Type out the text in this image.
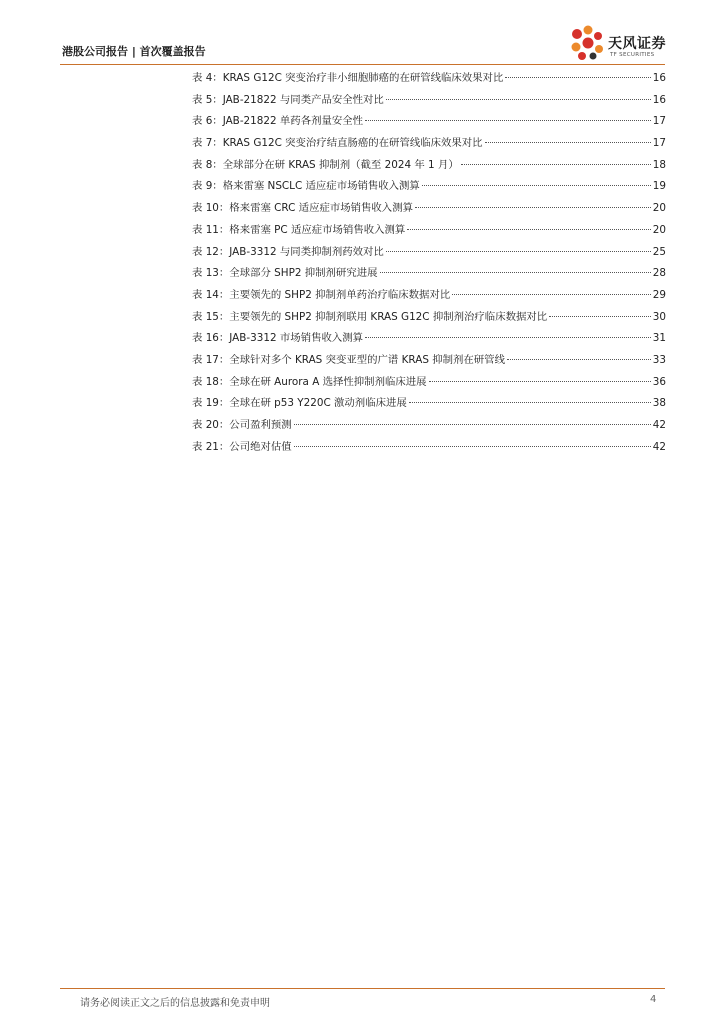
港股公司报告 | 首次覆盖报告	天风证券
TF SECURITIES
表 4：KRAS G12C 突变治疗非小细胞肺癌的在研管线临床效果对比	16
表 5：JAB-21822 与同类产品安全性对比	16
表 6：JAB-21822 单药各剂量安全性	17
表 7：KRAS G12C 突变治疗结直肠癌的在研管线临床效果对比	17
表 8：全球部分在研 KRAS 抑制剂（截至 2024 年 1 月）	18
表 9：格来雷塞 NSCLC 适应症市场销售收入测算	19
表 10：格来雷塞 CRC 适应症市场销售收入测算	20
表 11：格来雷塞 PC 适应症市场销售收入测算	20
表 12：JAB-3312 与同类抑制剂药效对比	25
表 13：全球部分 SHP2 抑制剂研究进展	28
表 14：主要领先的 SHP2 抑制剂单药治疗临床数据对比	29
表 15：主要领先的 SHP2 抑制剂联用 KRAS G12C 抑制剂治疗临床数据对比	30
表 16：JAB-3312 市场销售收入测算	31
表 17：全球针对多个 KRAS 突变亚型的广谱 KRAS 抑制剂在研管线	33
表 18：全球在研 Aurora A 选择性抑制剂临床进展	36
表 19：全球在研 p53 Y220C 激动剂临床进展	38
表 20：公司盈利预测	42
表 21：公司绝对估值	42
请务必阅读正文之后的信息披露和免责申明	4
